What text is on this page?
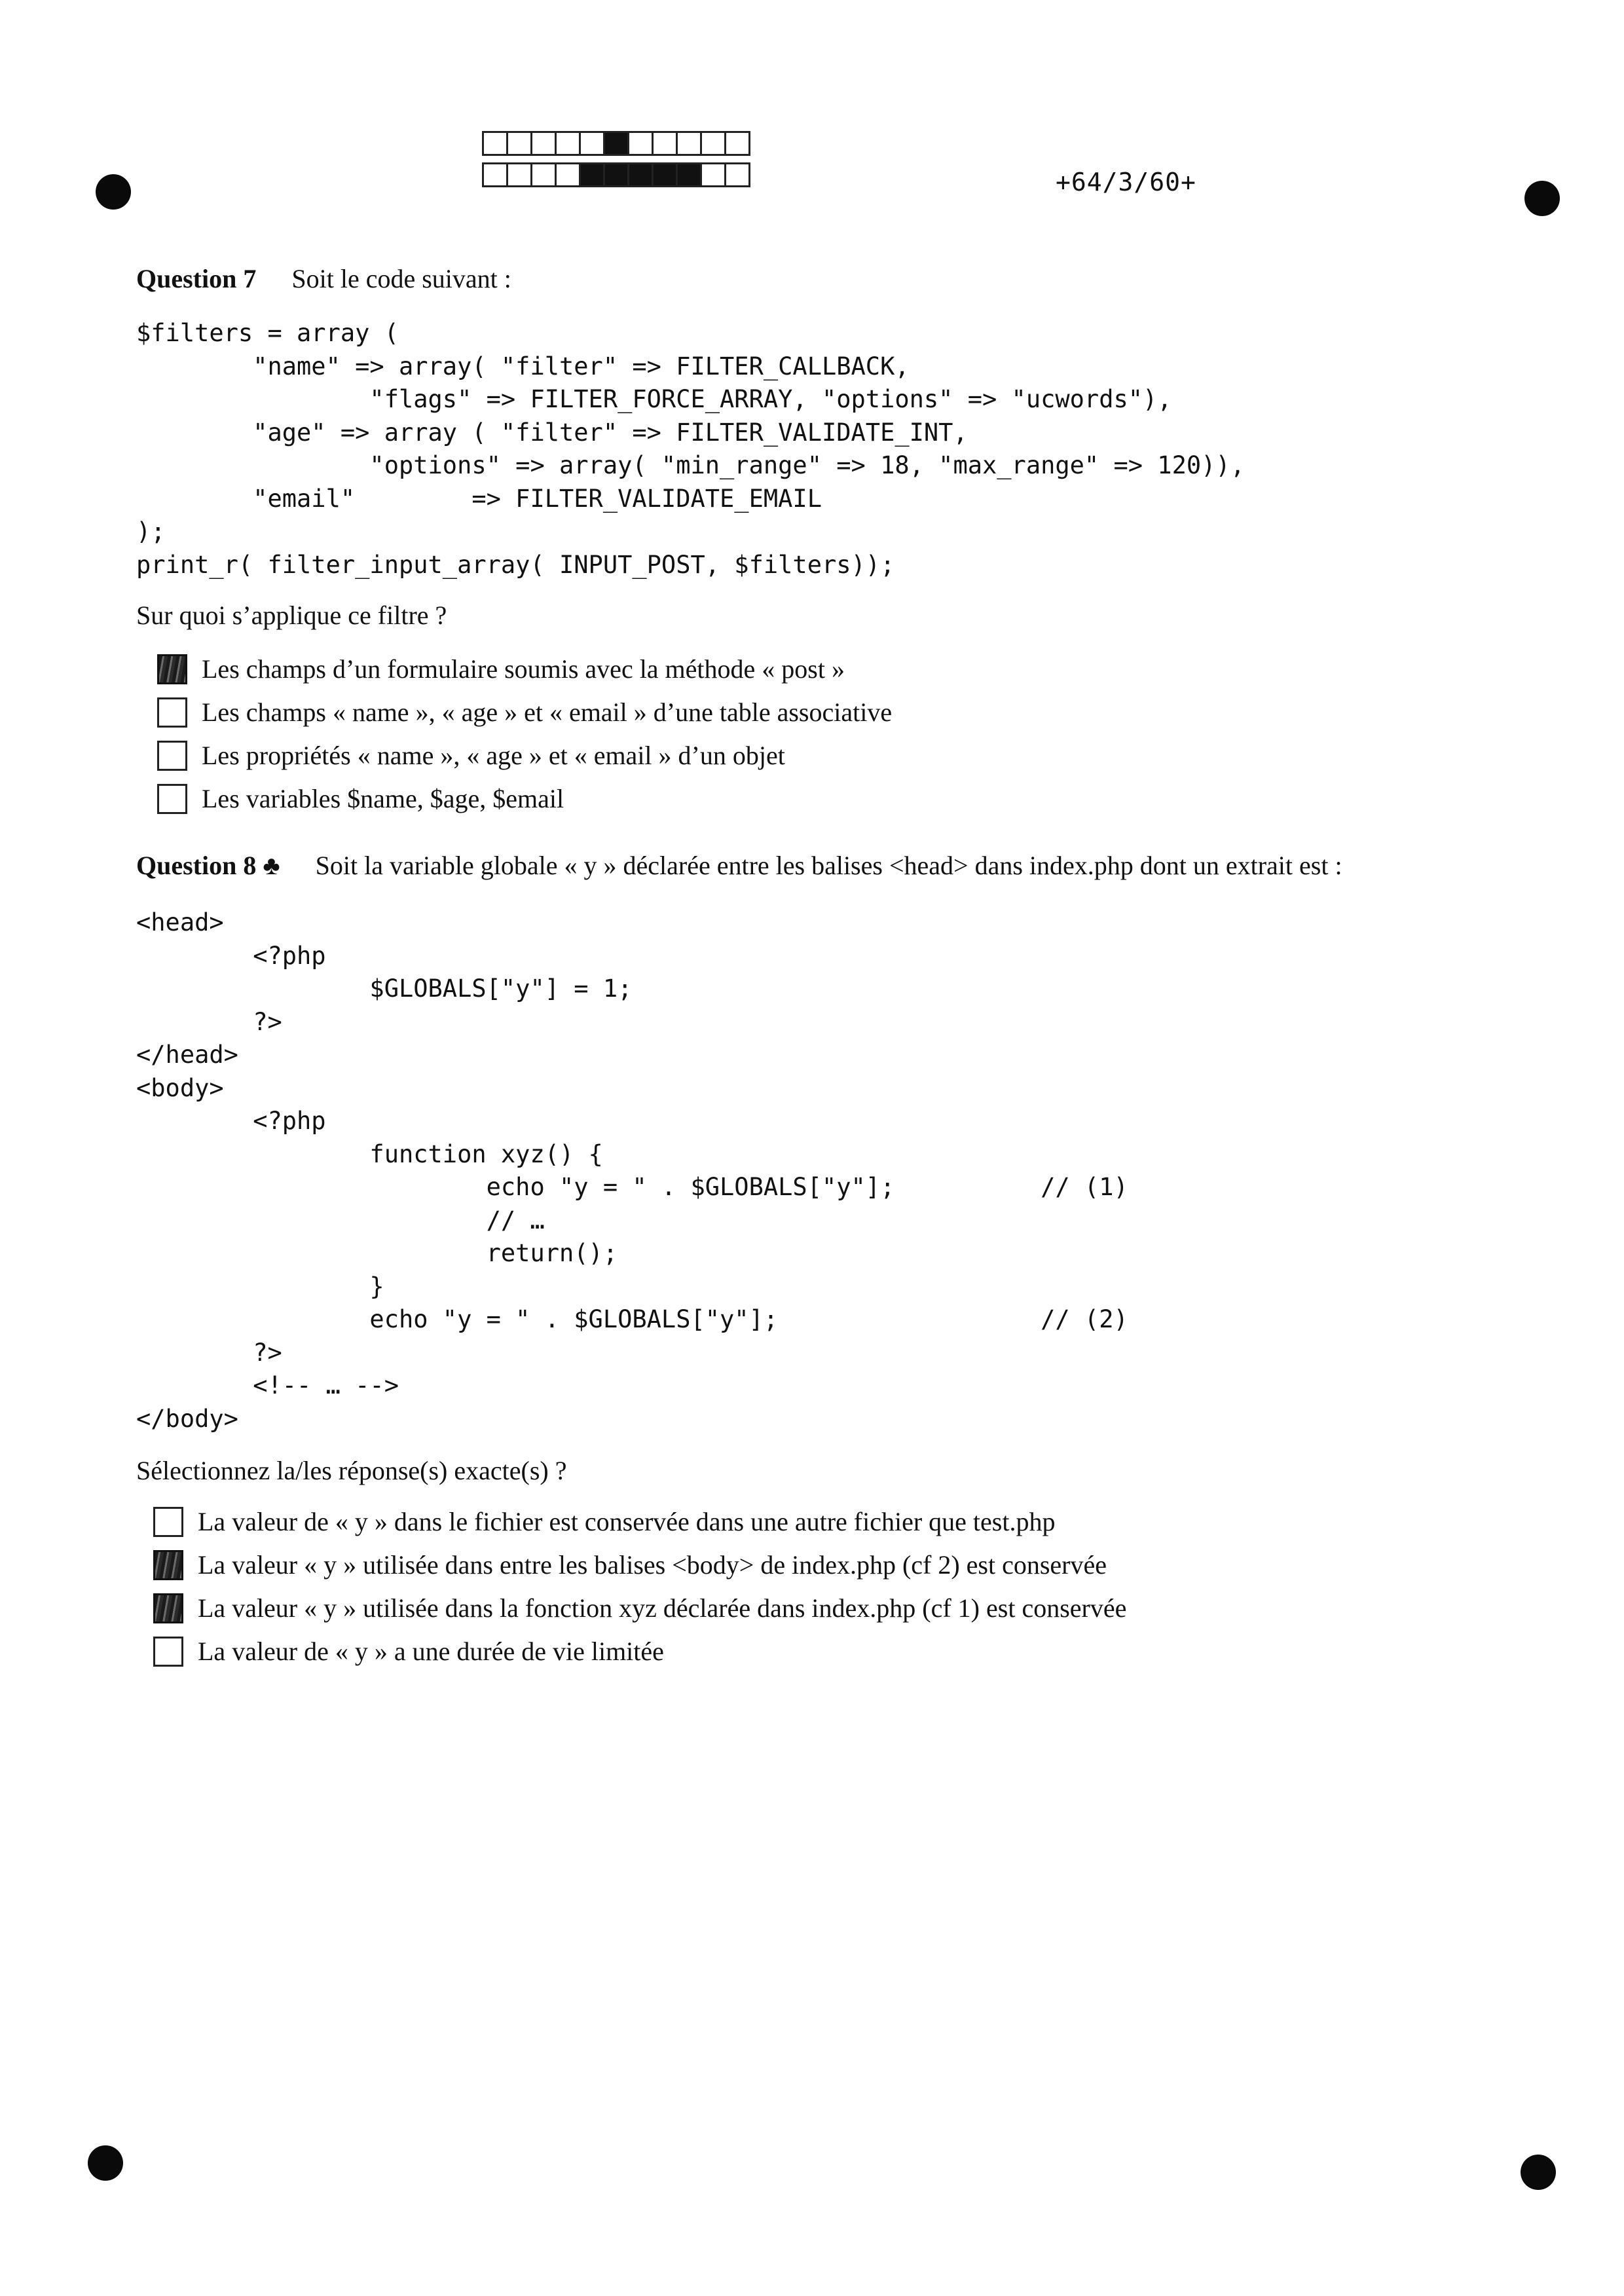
+64/3/60+
Question 7 Soit le code suivant :
$filters = array (
"name" => array( "filter" => FILTER_CALLBACK,
"flags" => FILTER_FORCE_ARRAY, "options" => "ucwords"),
"age" => array ( "filter" => FILTER_VALIDATE_INT,
"options" => array( "min_range" => 18, "max_range" => 120)),
"email"        => FILTER_VALIDATE_EMAIL
);
print_r( filter_input_array( INPUT_POST, $filters));
Sur quoi s’applique ce filtre ?
Les champs d’un formulaire soumis avec la méthode « post »
Les champs « name », « age » et « email » d’une table associative
Les propriétés « name », « age » et « email » d’un objet
Les variables $name, $age, $email
Question 8 ♣ Soit la variable globale « y » déclarée entre les balises <head> dans index.php dont un extrait est :
<head>
<?php
$GLOBALS["y"] = 1;
?>
</head>
<body>
<?php
function xyz() {
echo "y = " . $GLOBALS["y"];          // (1)
// …
return();
}
echo "y = " . $GLOBALS["y"];                  // (2)
?>
<!-- … -->
</body>
Sélectionnez la/les réponse(s) exacte(s) ?
La valeur de « y » dans le fichier est conservée dans une autre fichier que test.php
La valeur « y » utilisée dans entre les balises <body> de index.php (cf 2) est conservée
La valeur « y » utilisée dans la fonction xyz déclarée dans index.php (cf 1) est conservée
La valeur de « y » a une durée de vie limitée
